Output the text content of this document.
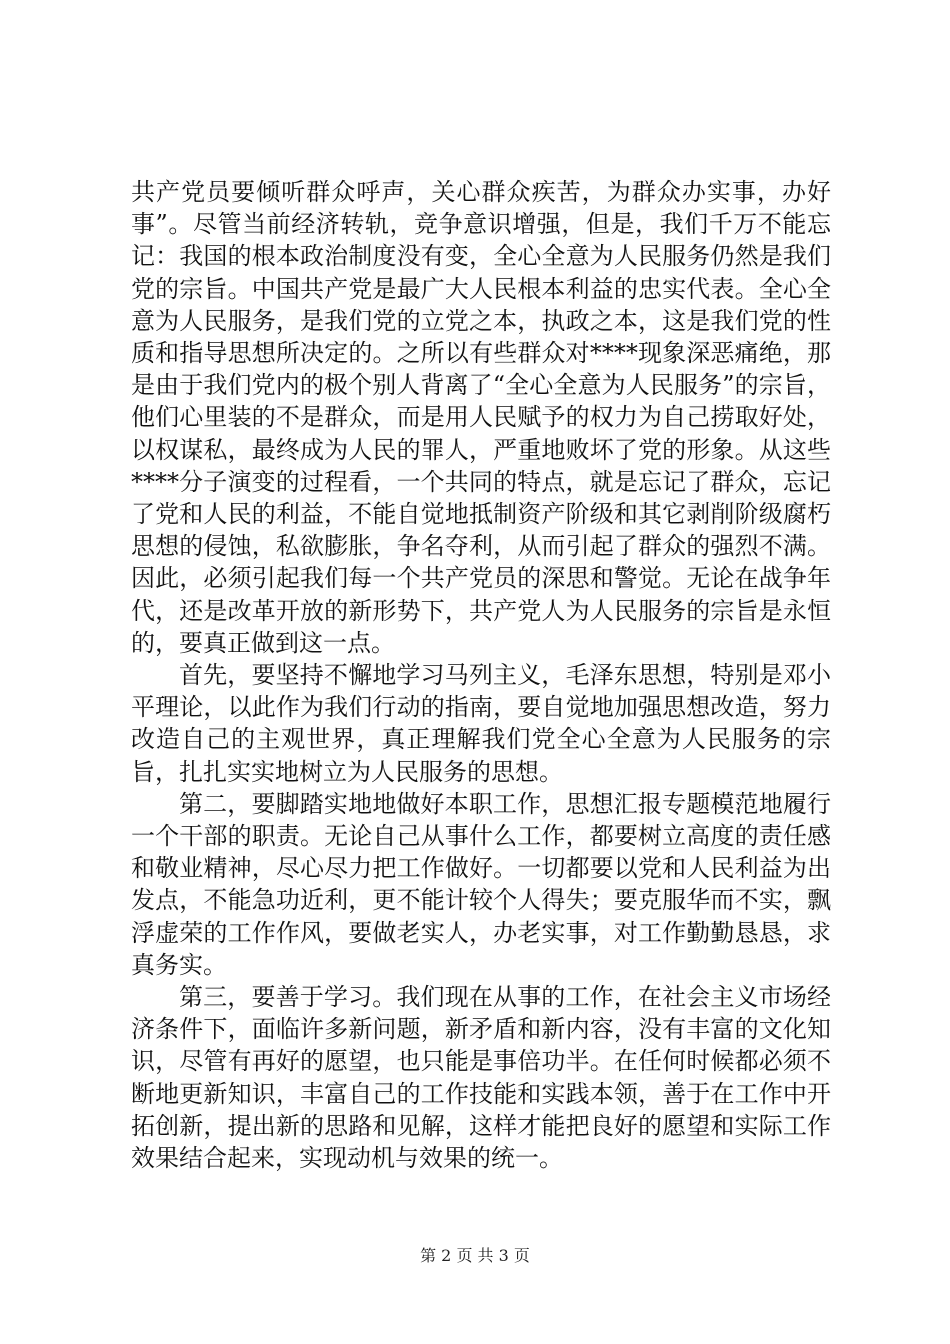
共产党员要倾听群众呼声，关心群众疾苦，为群众办实事，办好事”。尽管当前经济转轨，竞争意识增强，但是，我们千万不能忘记：我国的根本政治制度没有变，全心全意为人民服务仍然是我们党的宗旨。中国共产党是最广大人民根本利益的忠实代表。全心全意为人民服务，是我们党的立党之本，执政之本，这是我们党的性质和指导思想所决定的。之所以有些群众对****现象深恶痛绝，那是由于我们党内的极个别人背离了“全心全意为人民服务”的宗旨，他们心里装的不是群众，而是用人民赋予的权力为自己捞取好处，以权谋私，最终成为人民的罪人，严重地败坏了党的形象。从这些****分子演变的过程看，一个共同的特点，就是忘记了群众，忘记了党和人民的利益，不能自觉地抵制资产阶级和其它剥削阶级腐朽思想的侵蚀，私欲膨胀，争名夺利，从而引起了群众的强烈不满。因此，必须引起我们每一个共产党员的深思和警觉。无论在战争年代，还是改革开放的新形势下，共产党人为人民服务的宗旨是永恒的，要真正做到这一点。

首先，要坚持不懈地学习马列主义，毛泽东思想，特别是邓小平理论，以此作为我们行动的指南，要自觉地加强思想改造，努力改造自己的主观世界，真正理解我们党全心全意为人民服务的宗旨，扎扎实实地树立为人民服务的思想。

第二，要脚踏实地地做好本职工作，思想汇报专题模范地履行一个干部的职责。无论自己从事什么工作，都要树立高度的责任感和敬业精神，尽心尽力把工作做好。一切都要以党和人民利益为出发点，不能急功近利，更不能计较个人得失；要克服华而不实，飘浮虚荣的工作作风，要做老实人，办老实事，对工作勤勤恳恳，求真务实。

第三，要善于学习。我们现在从事的工作，在社会主义市场经济条件下，面临许多新问题，新矛盾和新内容，没有丰富的文化知识，尽管有再好的愿望，也只能是事倍功半。在任何时候都必须不断地更新知识，丰富自己的工作技能和实践本领，善于在工作中开拓创新，提出新的思路和见解，这样才能把良好的愿望和实际工作效果结合起来，实现动机与效果的统一。

第 2 页 共 3 页
